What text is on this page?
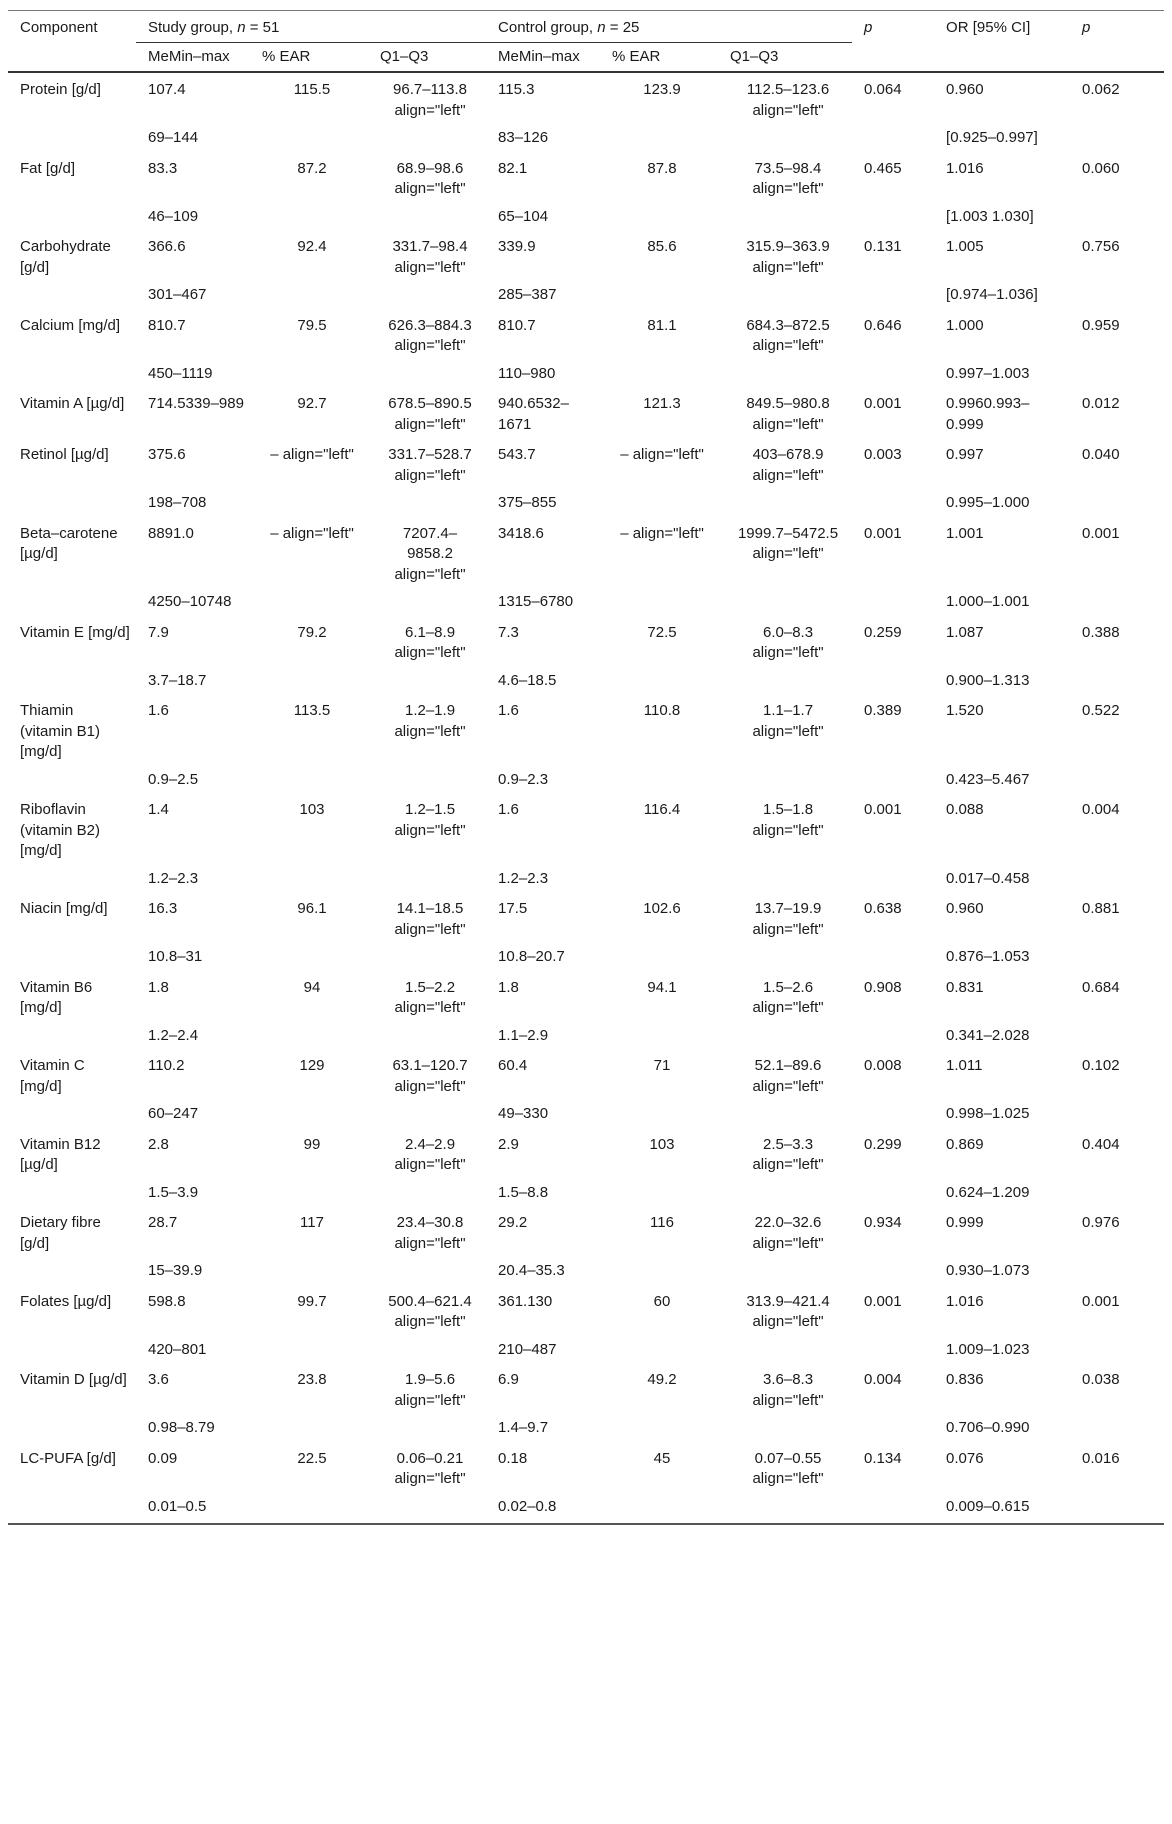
Component	Study group, n = 51			Control group, n = 25			p	OR [95% CI]	p
	MeMin–max	% EAR	Q1–Q3	MeMin–max	% EAR	Q1–Q3			
Protein [g/d]	107.4	115.5	96.7–113.8 align="left"	115.3	123.9	112.5–123.6 align="left"	0.064	0.960	0.062
	69–144			83–126				[0.925–0.997]	
Fat [g/d]	83.3	87.2	68.9–98.6 align="left"	82.1	87.8	73.5–98.4 align="left"	0.465	1.016	0.060
	46–109			65–104				[1.003 1.030]	
Carbohydrate [g/d]	366.6	92.4	331.7–98.4 align="left"	339.9	85.6	315.9–363.9 align="left"	0.131	1.005	0.756
	301–467			285–387				[0.974–1.036]	
Calcium [mg/d]	810.7	79.5	626.3–884.3 align="left"	810.7	81.1	684.3–872.5 align="left"	0.646	1.000	0.959
	450–1119			110–980				0.997–1.003	
Vitamin A [µg/d]	714.5339–989	92.7	678.5–890.5 align="left"	940.6532–1671	121.3	849.5–980.8 align="left"	0.001	0.9960.993–0.999	0.012
Retinol [µg/d]	375.6	– align="left"	331.7–528.7 align="left"	543.7	– align="left"	403–678.9 align="left"	0.003	0.997	0.040
	198–708			375–855				0.995–1.000	
Beta–carotene [µg/d]	8891.0	– align="left"	7207.4–9858.2 align="left"	3418.6	– align="left"	1999.7–5472.5 align="left"	0.001	1.001	0.001
	4250–10748			1315–6780				1.000–1.001	
Vitamin E [mg/d]	7.9	79.2	6.1–8.9 align="left"	7.3	72.5	6.0–8.3 align="left"	0.259	1.087	0.388
	3.7–18.7			4.6–18.5				0.900–1.313	
Thiamin (vitamin B1) [mg/d]	1.6	113.5	1.2–1.9 align="left"	1.6	110.8	1.1–1.7 align="left"	0.389	1.520	0.522
	0.9–2.5			0.9–2.3				0.423–5.467	
Riboflavin (vitamin B2) [mg/d]	1.4	103	1.2–1.5 align="left"	1.6	116.4	1.5–1.8 align="left"	0.001	0.088	0.004
	1.2–2.3			1.2–2.3				0.017–0.458	
Niacin [mg/d]	16.3	96.1	14.1–18.5 align="left"	17.5	102.6	13.7–19.9 align="left"	0.638	0.960	0.881
	10.8–31			10.8–20.7				0.876–1.053	
Vitamin B6 [mg/d]	1.8	94	1.5–2.2 align="left"	1.8	94.1	1.5–2.6 align="left"	0.908	0.831	0.684
	1.2–2.4			1.1–2.9				0.341–2.028	
Vitamin C [mg/d]	110.2	129	63.1–120.7 align="left"	60.4	71	52.1–89.6 align="left"	0.008	1.011	0.102
	60–247			49–330				0.998–1.025	
Vitamin B12 [µg/d]	2.8	99	2.4–2.9 align="left"	2.9	103	2.5–3.3 align="left"	0.299	0.869	0.404
	1.5–3.9			1.5–8.8				0.624–1.209	
Dietary fibre [g/d]	28.7	117	23.4–30.8 align="left"	29.2	116	22.0–32.6 align="left"	0.934	0.999	0.976
	15–39.9			20.4–35.3				0.930–1.073	
Folates [µg/d]	598.8	99.7	500.4–621.4 align="left"	361.130	60	313.9–421.4 align="left"	0.001	1.016	0.001
	420–801			210–487				1.009–1.023	
Vitamin D [µg/d]	3.6	23.8	1.9–5.6 align="left"	6.9	49.2	3.6–8.3 align="left"	0.004	0.836	0.038
	0.98–8.79			1.4–9.7				0.706–0.990	
LC-PUFA [g/d]	0.09	22.5	0.06–0.21 align="left"	0.18	45	0.07–0.55 align="left"	0.134	0.076	0.016
	0.01–0.5			0.02–0.8				0.009–0.615	
